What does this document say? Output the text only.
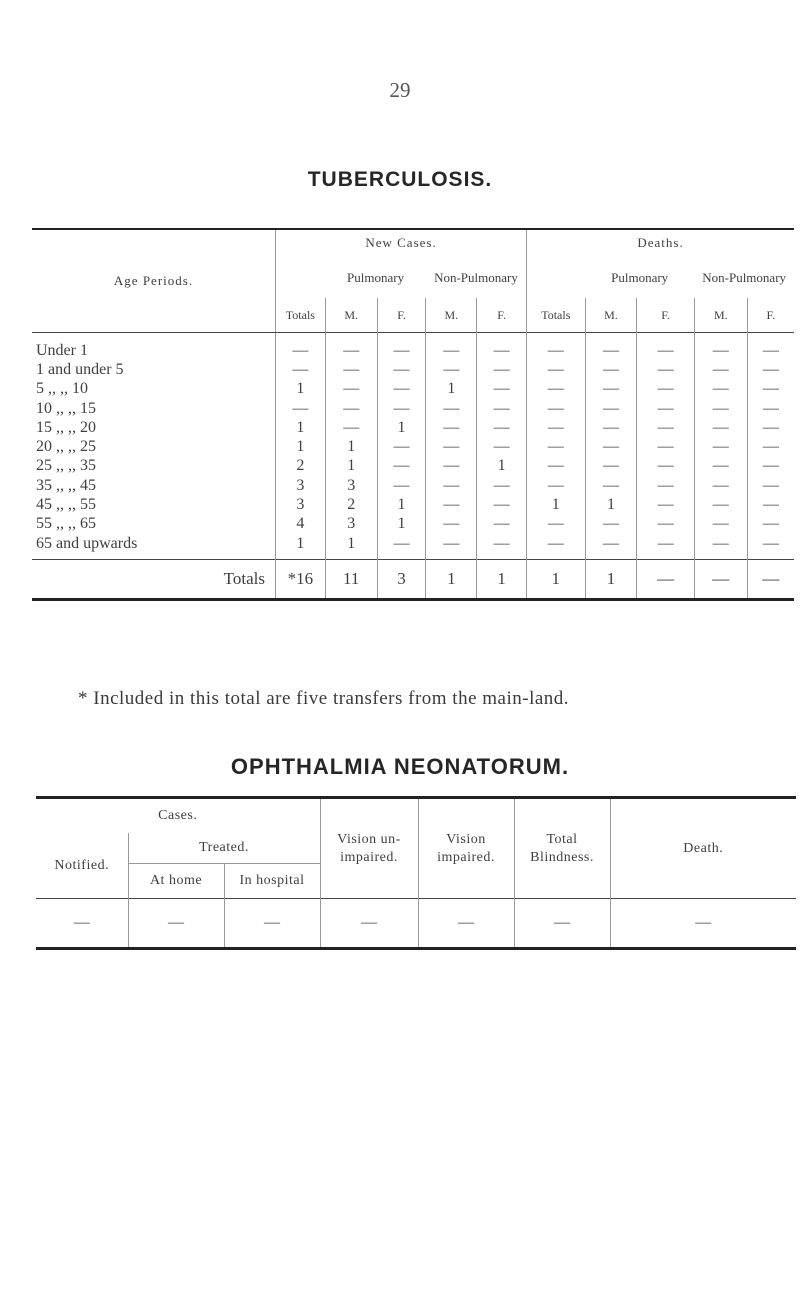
29
TUBERCULOSIS.
Age Periods.	New Cases.					Deaths.				
		Pulmonary		Non-Pulmonary			Pulmonary		Non-Pulmonary	
	Totals	M.	F.	M.	F.	Totals	M.	F.	M.	F.
Under 1	—	—	—	—	—	—	—	—	—	—
1 and under 5	—	—	—	—	—	—	—	—	—	—
5 ,, ,, 10	1	—	—	1	—	—	—	—	—	—
10 ,, ,, 15	—	—	—	—	—	—	—	—	—	—
15 ,, ,, 20	1	—	1	—	—	—	—	—	—	—
20 ,, ,, 25	1	1	—	—	—	—	—	—	—	—
25 ,, ,, 35	2	1	—	—	1	—	—	—	—	—
35 ,, ,, 45	3	3	—	—	—	—	—	—	—	—
45 ,, ,, 55	3	2	1	—	—	1	1	—	—	—
55 ,, ,, 65	4	3	1	—	—	—	—	—	—	—
65 and upwards	1	1	—	—	—	—	—	—	—	—
Totals	*16	11	3	1	1	1	1	—	—	—
* Included in this total are five transfers from the main-land.
OPHTHALMIA NEONATORUM.
Cases.			Vision un-impaired.	Vision impaired.	Total Blindness.	Death.
Notified.	Treated.					
	At home	In hospital				
—	—	—	—	—	—	—
